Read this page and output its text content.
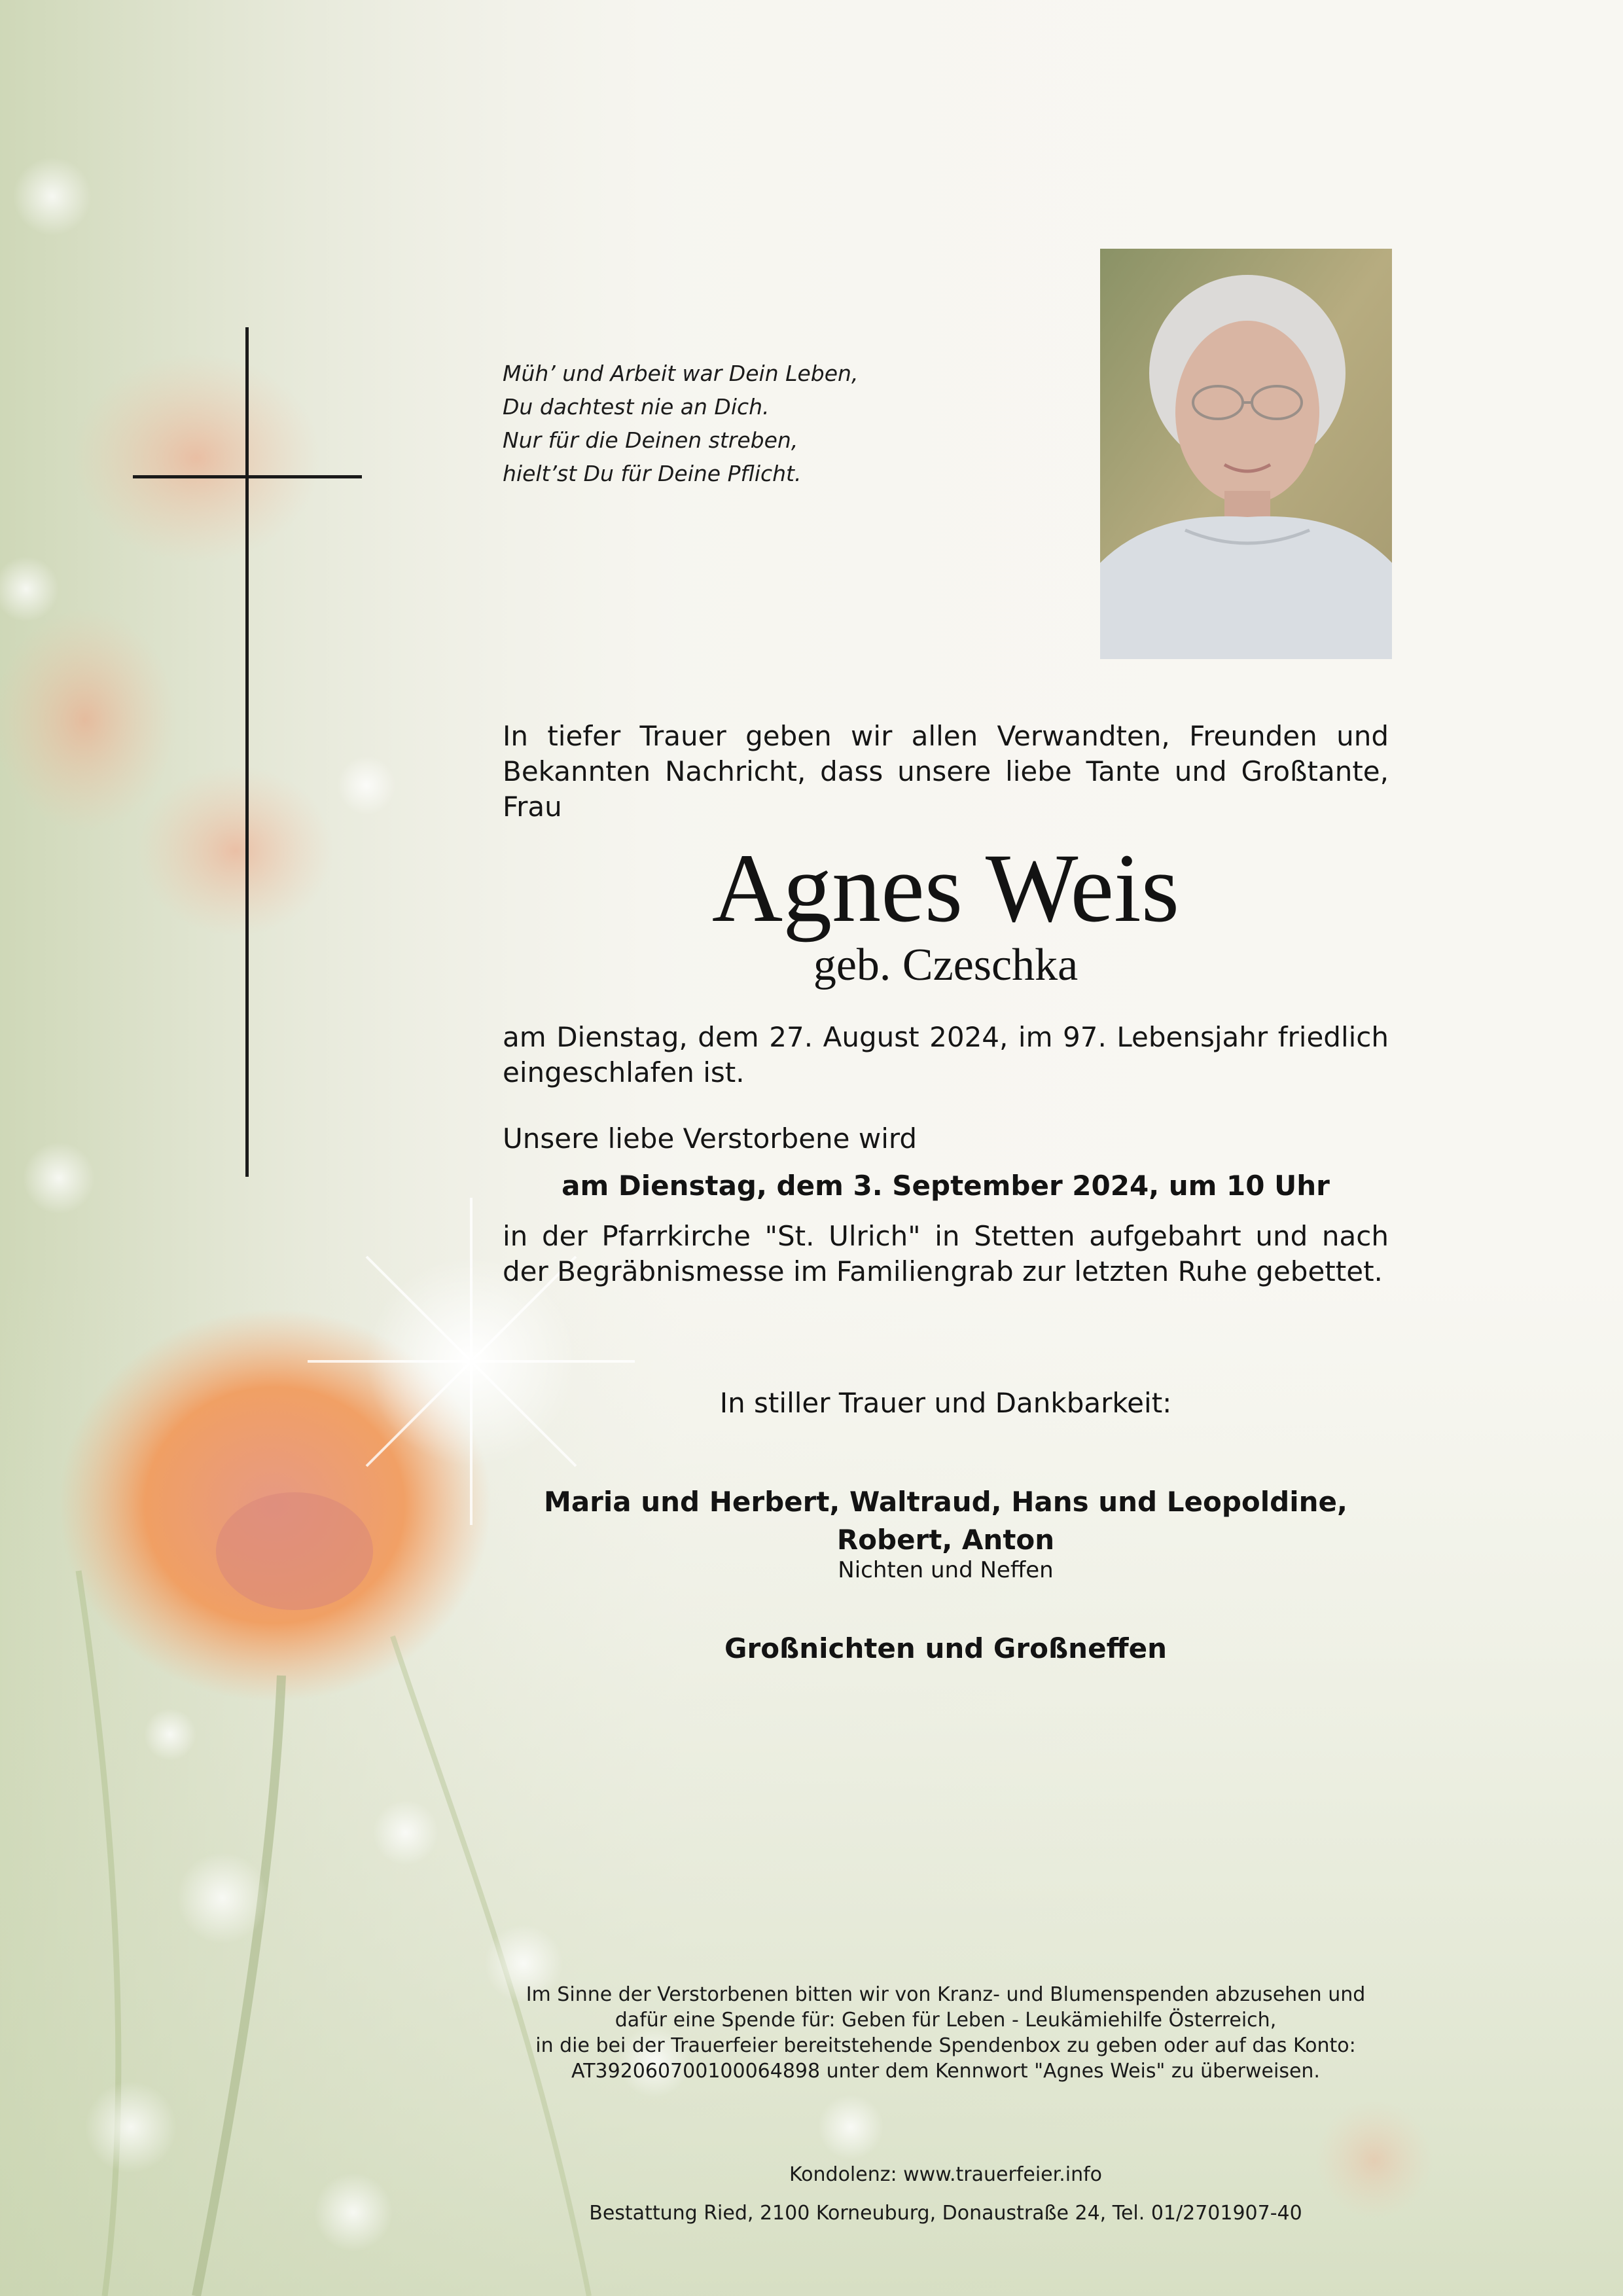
Müh’ und Arbeit war Dein Leben,
Du dachtest nie an Dich.
Nur für die Deinen streben,
hielt’st Du für Deine Pflicht.
In tiefer Trauer geben wir allen Verwandten, Freunden und Bekannten Nachricht, dass unsere liebe Tante und Großtante, Frau
Agnes Weis
geb. Czeschka
am Dienstag, dem 27. August 2024, im 97. Lebensjahr friedlich eingeschlafen ist.
Unsere liebe Verstorbene wird
am Dienstag, dem 3. September 2024, um 10 Uhr
in der Pfarrkirche "St. Ulrich" in Stetten aufgebahrt und nach der Begräbnismesse im Familiengrab zur letzten Ruhe gebettet.
In stiller Trauer und Dankbarkeit:
Maria und Herbert, Waltraud, Hans und Leopoldine,
Robert, Anton
Nichten und Neffen
Großnichten und Großneffen
Im Sinne der Verstorbenen bitten wir von Kranz- und Blumenspenden abzusehen und
dafür eine Spende für: Geben für Leben - Leukämiehilfe Österreich,
in die bei der Trauerfeier bereitstehende Spendenbox zu geben oder auf das Konto:
AT392060700100064898 unter dem Kennwort "Agnes Weis" zu überweisen.
Kondolenz: www.trauerfeier.info
Bestattung Ried, 2100 Korneuburg, Donaustraße 24, Tel. 01/2701907-40
